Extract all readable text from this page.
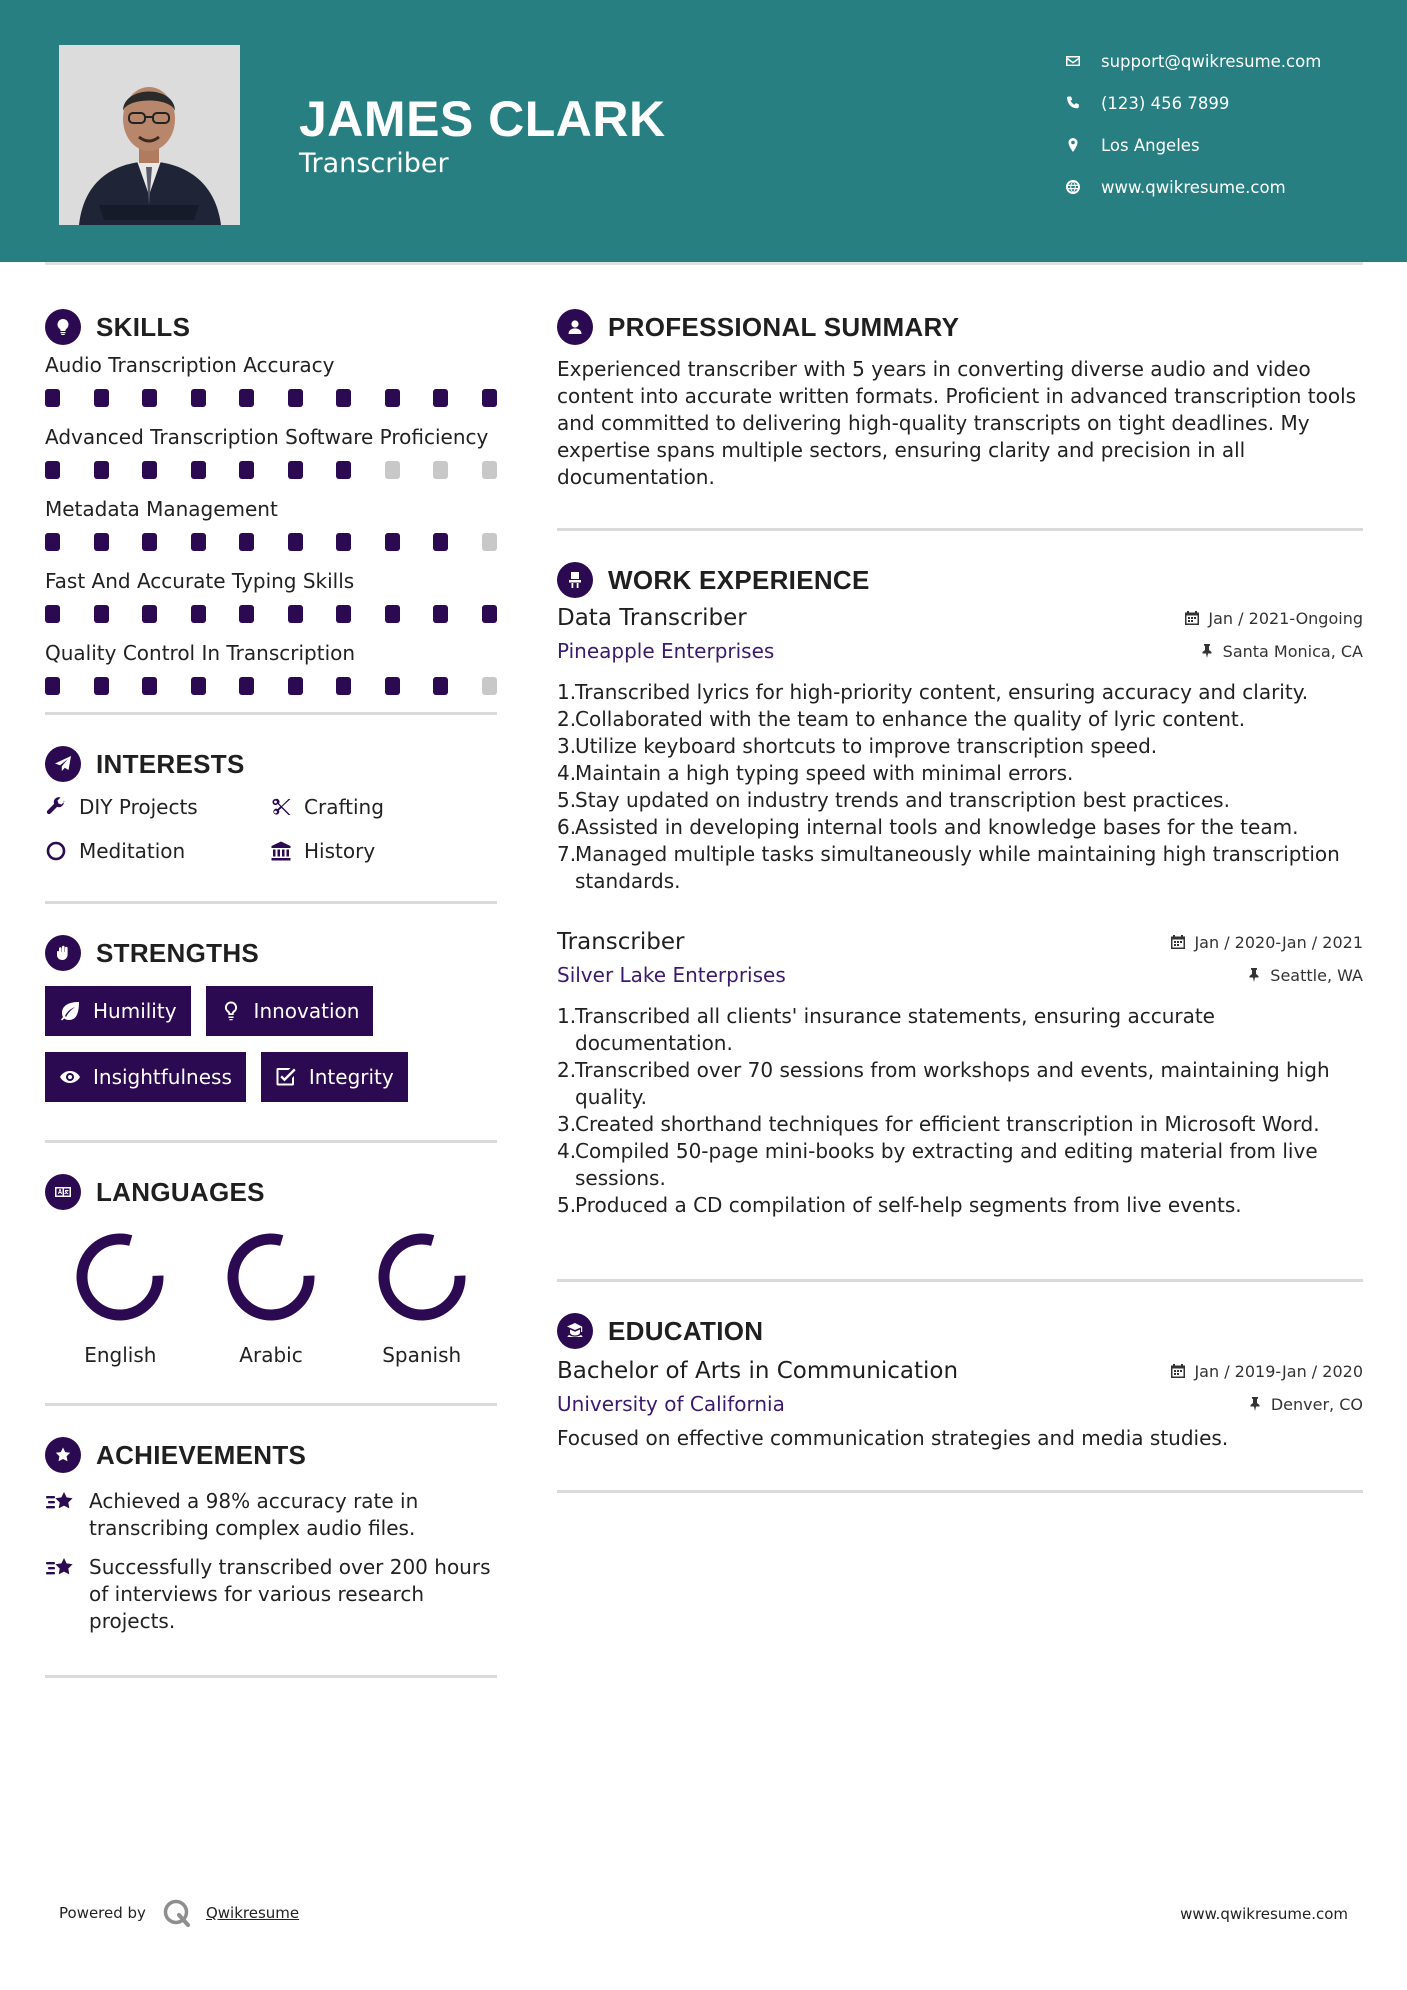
JAMES CLARK
Transcriber
support@qwikresume.com
(123) 456 7899
Los Angeles
www.qwikresume.com
SKILLS
Audio Transcription Accuracy
Advanced Transcription Software Proficiency
Metadata Management
Fast And Accurate Typing Skills
Quality Control In Transcription
INTERESTS
DIY Projects	Crafting
Meditation	History
STRENGTHS
Humility	Innovation
Insightfulness	Integrity
LANGUAGES
English	Arabic	Spanish
ACHIEVEMENTS
Achieved a 98% accuracy rate in transcribing complex audio files.
Successfully transcribed over 200 hours of interviews for various research projects.
PROFESSIONAL SUMMARY

Experienced transcriber with 5 years in converting diverse audio and video content into accurate written formats. Proficient in advanced transcription tools and committed to delivering high-quality transcripts on tight deadlines. My expertise spans multiple sectors, ensuring clarity and precision in all documentation.

WORK EXPERIENCE
Data Transcriber	Jan / 2021-Ongoing
Pineapple Enterprises	Santa Monica, CA
1.
Transcribed lyrics for high-priority content, ensuring accuracy and clarity.
2.
Collaborated with the team to enhance the quality of lyric content.
3.
Utilize keyboard shortcuts to improve transcription speed.
4.
Maintain a high typing speed with minimal errors.
5.
Stay updated on industry trends and transcription best practices.
6.
Assisted in developing internal tools and knowledge bases for the team.
7.
Managed multiple tasks simultaneously while maintaining high transcription standards.
Transcriber	Jan / 2020-Jan / 2021
Silver Lake Enterprises	Seattle, WA
1.
Transcribed all clients' insurance statements, ensuring accurate documentation.
2.
Transcribed over 70 sessions from workshops and events, maintaining high quality.
3.
Created shorthand techniques for efficient transcription in Microsoft Word.
4.
Compiled 50-page mini-books by extracting and editing material from live sessions.
5.
Produced a CD compilation of self-help segments from live events.
EDUCATION
Bachelor of Arts in Communication	Jan / 2019-Jan / 2020
University of California	Denver, CO

Focused on effective communication strategies and media studies.

Powered by	Qwikresume	www.qwikresume.com
